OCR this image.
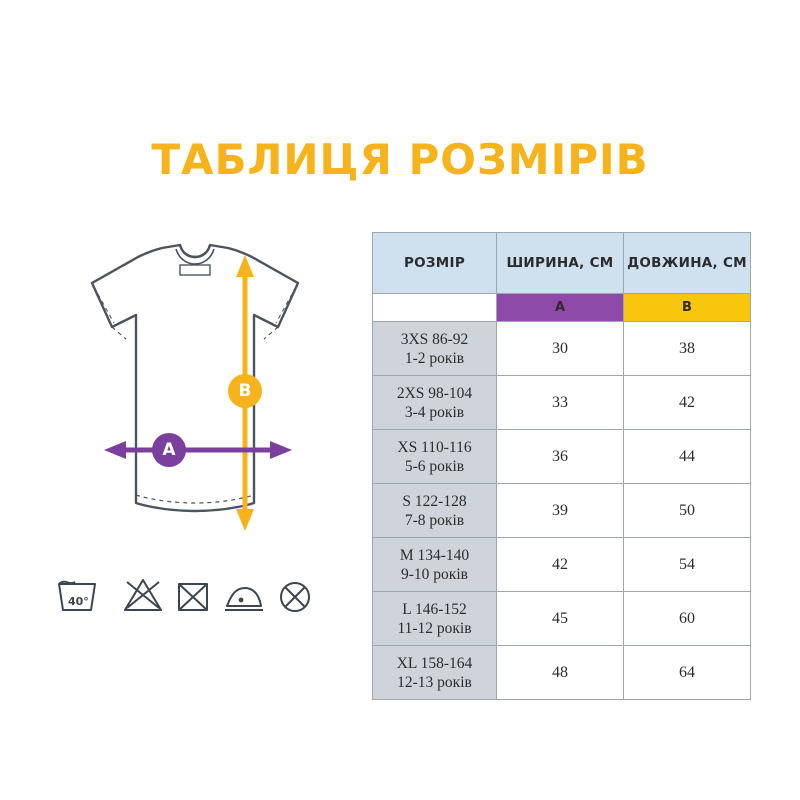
ТАБЛИЦЯ РОЗМІРІВ
A
B
40°
РОЗМІР	ШИРИНА, СМ	ДОВЖИНА, СМ
	A	B

3XS 86-92
1-2 років	30	38

2XS 98-104
3-4 років	33	42

XS 110-116
5-6 років	36	44

S 122-128
7-8 років	39	50

M 134-140
9-10 років	42	54

L 146-152
11-12 років	45	60

XL 158-164
12-13 років	48	64
